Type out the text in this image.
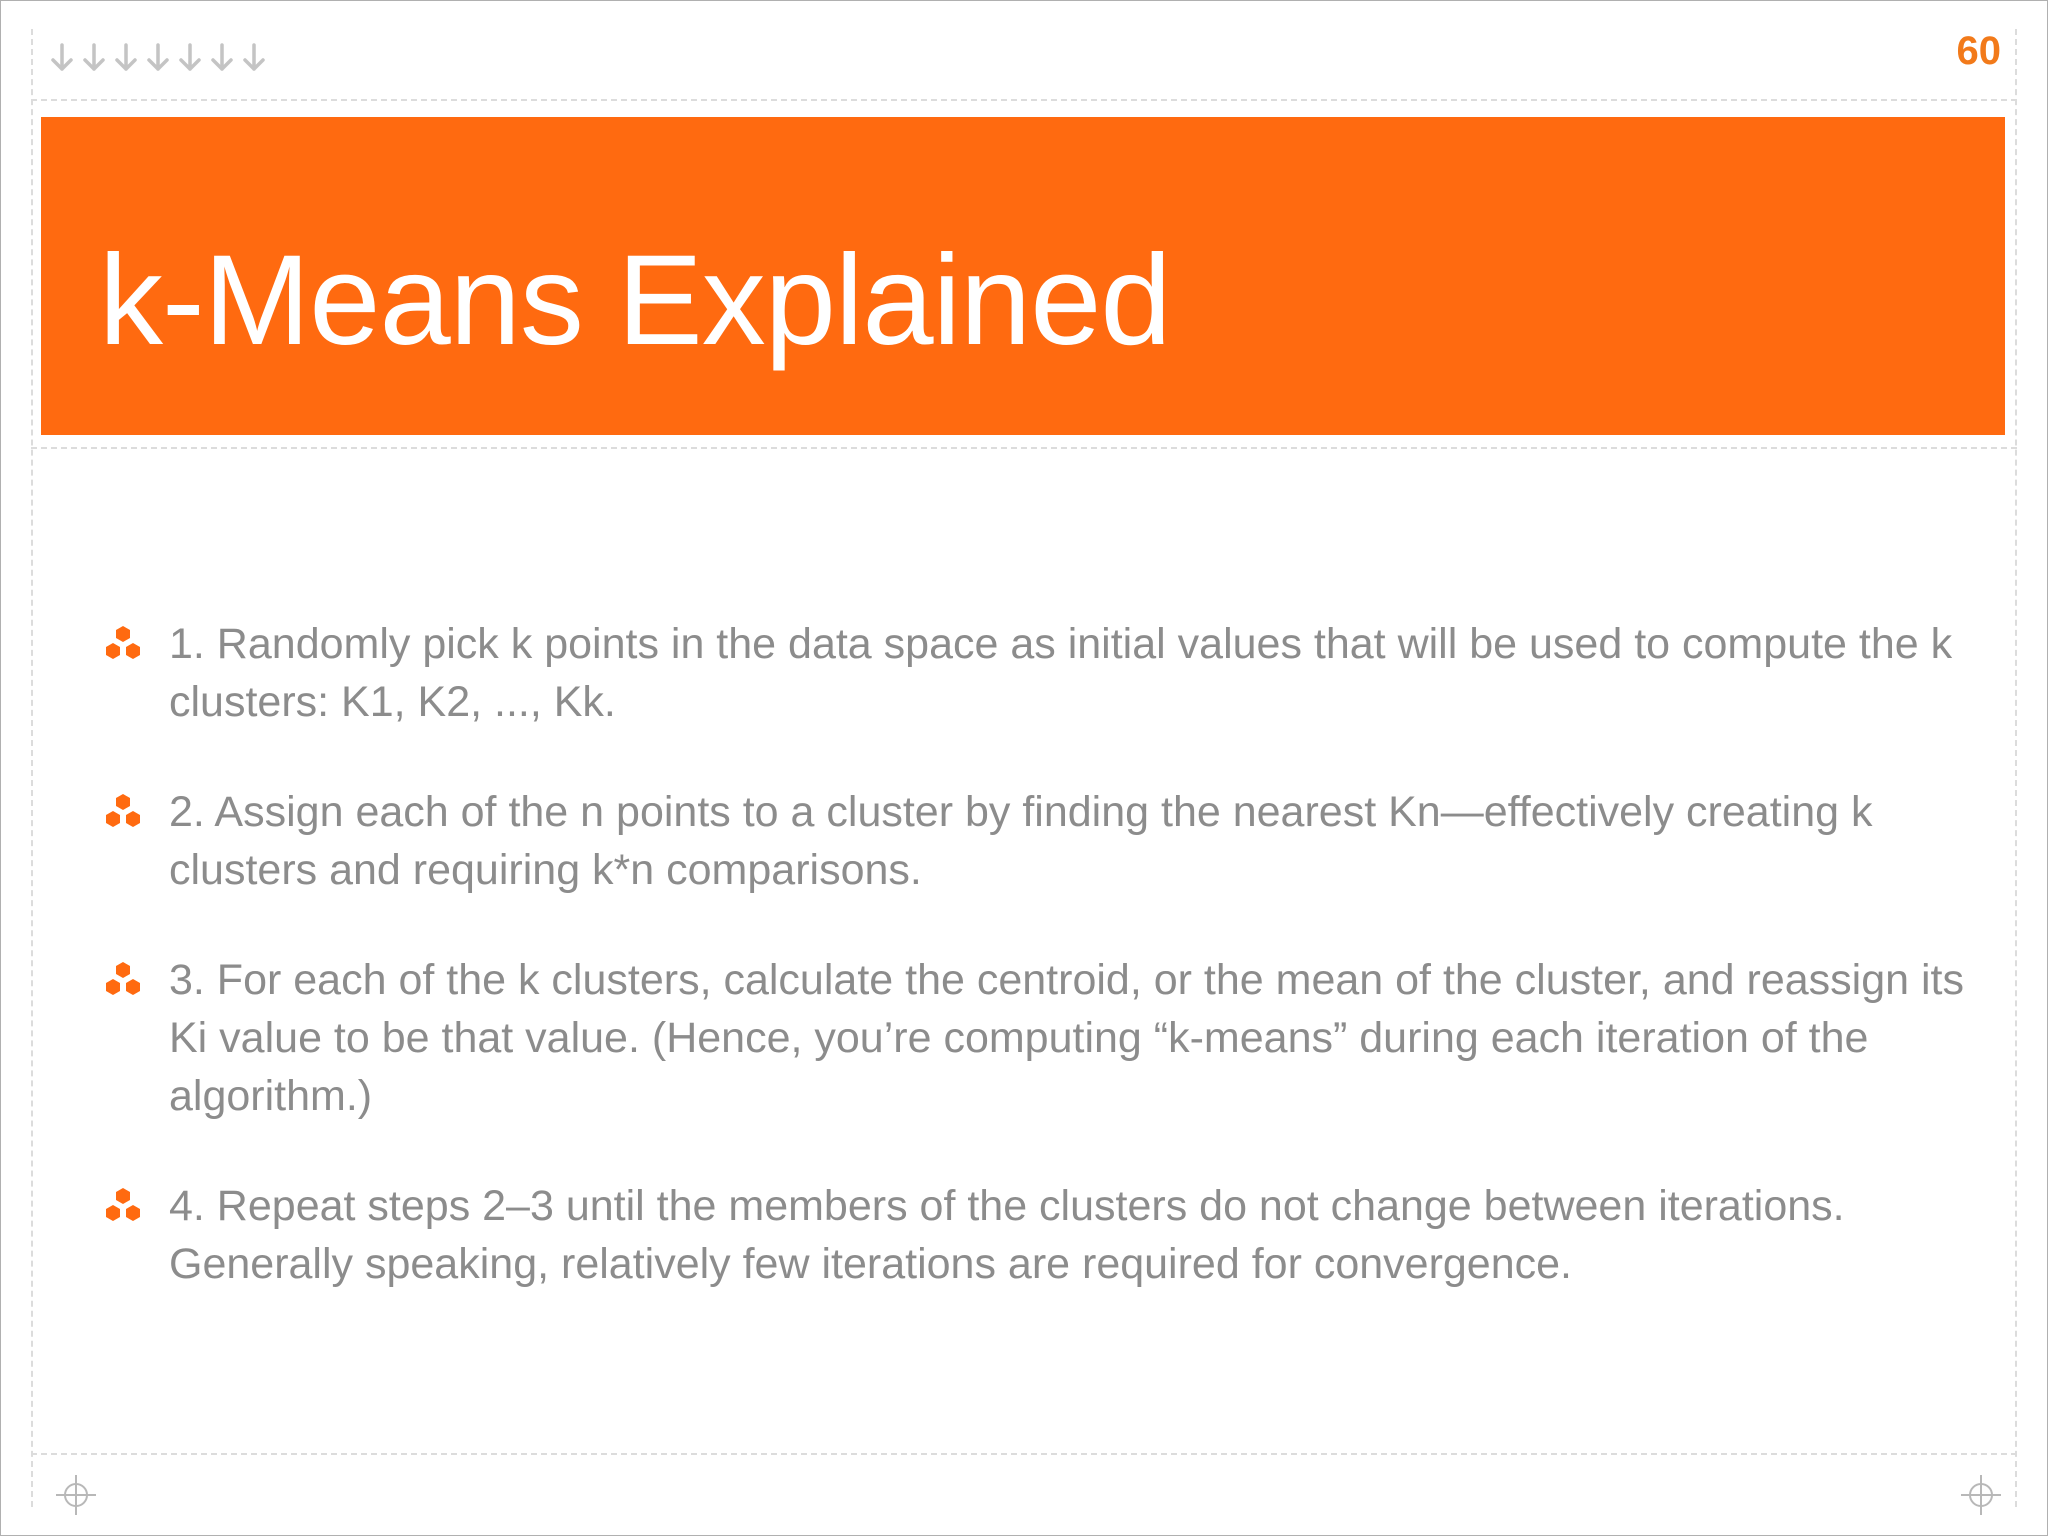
60
k-Means Explained
1. Randomly pick k points in the data space as initial values that will be used to compute the k clusters: K1, K2, ..., Kk.
2. Assign each of the n points to a cluster by finding the nearest Kn—effectively creating k clusters and requiring k*n comparisons.
3. For each of the k clusters, calculate the centroid, or the mean of the cluster, and reassign its Ki value to be that value. (Hence, you’re computing “k-means” during each iteration of the algorithm.)
4. Repeat steps 2–3 until the members of the clusters do not change between iterations. Generally speaking, relatively few iterations are required for convergence.
